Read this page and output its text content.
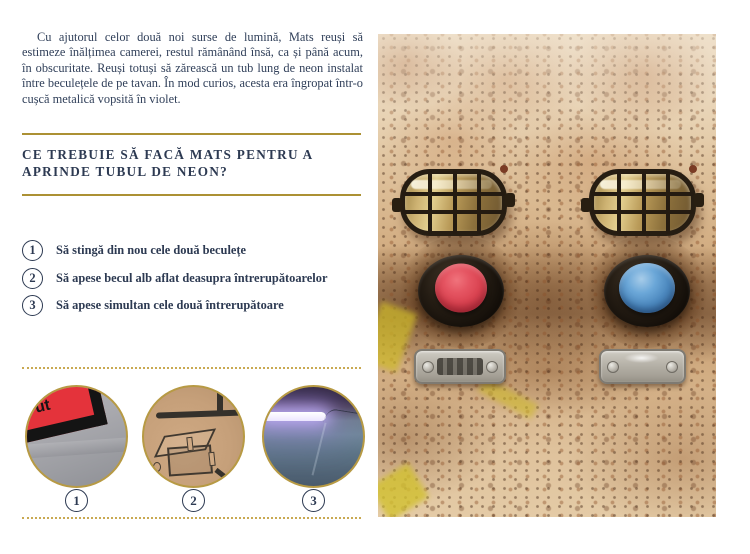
Cu ajutorul celor două noi surse de lumină, Mats reuși să estimeze înălțimea camerei, restul rămânând însă, ca și până acum, în obscuritate. Reuși totuși să zărească un tub lung de neon instalat între beculețele de pe tavan. În mod curios, acesta era îngropat într-o cușcă metalică vopsită în violet.

CE TREBUIE SĂ FACĂ MATS PENTRU A APRINDE TUBUL DE NEON?
1	Să stingă din nou cele două beculețe
2	Să apese becul alb aflat deasupra întrerupătoarelor
3	Să apese simultan cele două întrerupătoare
ut
1	2	3
